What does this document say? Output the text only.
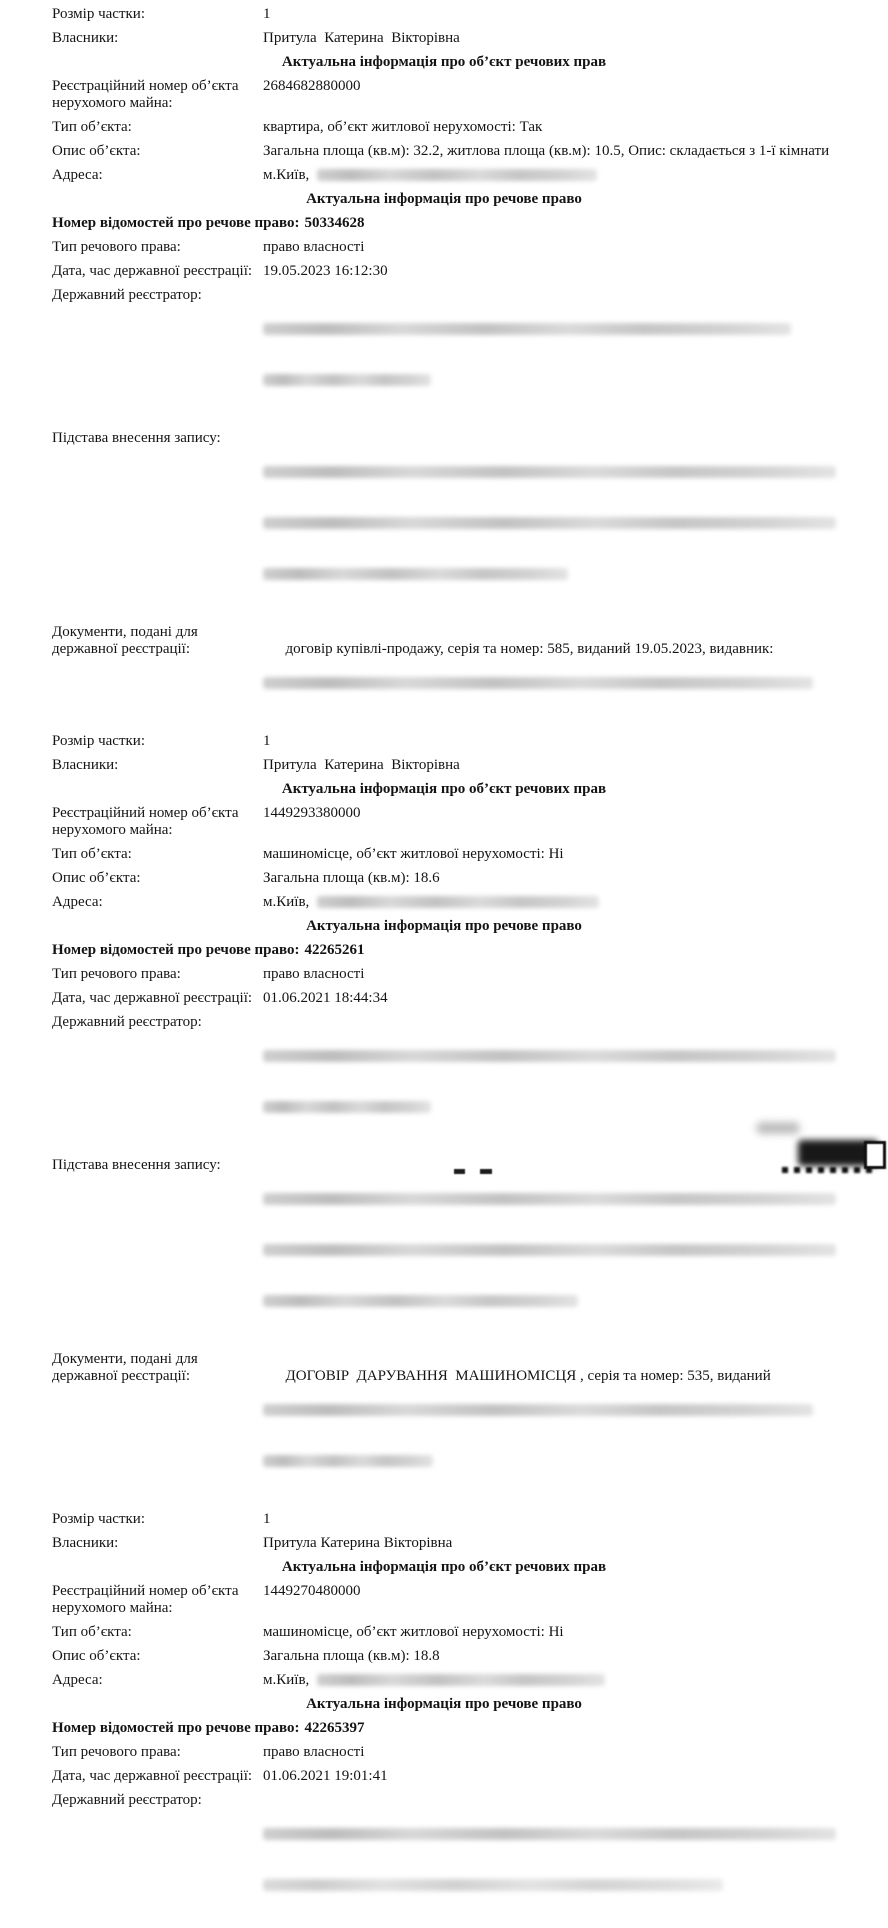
Розмір частки:	1
Власники:	Притула  Катерина  Вікторівна
Актуальна інформація про об’єкт речових прав
Реєстраційний номер об’єкта нерухомого майна:
2684682880000
Тип об’єкта:	квартира, об’єкт житлової нерухомості: Так
Опис об’єкта:	Загальна площа (кв.м): 32.2, житлова площа (кв.м): 10.5, Опис: складається з 1-ї кімнати
Адреса:	м.Київ,
Актуальна інформація про речове право
Номер відомостей про речове право: 50334628
Тип речового права:	право власності
Дата, час державної реєстрації: 19.05.2023 16:12:30
Державний реєстратор:

Підстава внесення запису:

Документи, подані для державної реєстрації:	договір купівлі-продажу, серія та номер: 585, виданий 19.05.2023, видавник:

Розмір частки:	1
Власники:	Притула  Катерина  Вікторівна
Актуальна інформація про об’єкт речових прав
Реєстраційний номер об’єкта нерухомого майна:
1449293380000
Тип об’єкта:	машиномісце, об’єкт житлової нерухомості: Ні
Опис об’єкта:	Загальна площа (кв.м): 18.6
Адреса:	м.Київ,
Актуальна інформація про речове право
Номер відомостей про речове право: 42265261
Тип речового права:	право власності
Дата, час державної реєстрації: 01.06.2021 18:44:34
Державний реєстратор:

Підстава внесення запису:

Документи, подані для державної реєстрації:	ДОГОВІР  ДАРУВАННЯ  МАШИНОМІСЦЯ , серія та номер: 535, виданий

Розмір частки:	1
Власники:	Притула Катерина Вікторівна
Актуальна інформація про об’єкт речових прав
Реєстраційний номер об’єкта нерухомого майна:
1449270480000
Тип об’єкта:	машиномісце, об’єкт житлової нерухомості: Ні
Опис об’єкта:	Загальна площа (кв.м): 18.8
Адреса:	м.Київ,
Актуальна інформація про речове право
Номер відомостей про речове право: 42265397
Тип речового права:	право власності
Дата, час державної реєстрації: 01.06.2021 19:01:41
Державний реєстратор:
